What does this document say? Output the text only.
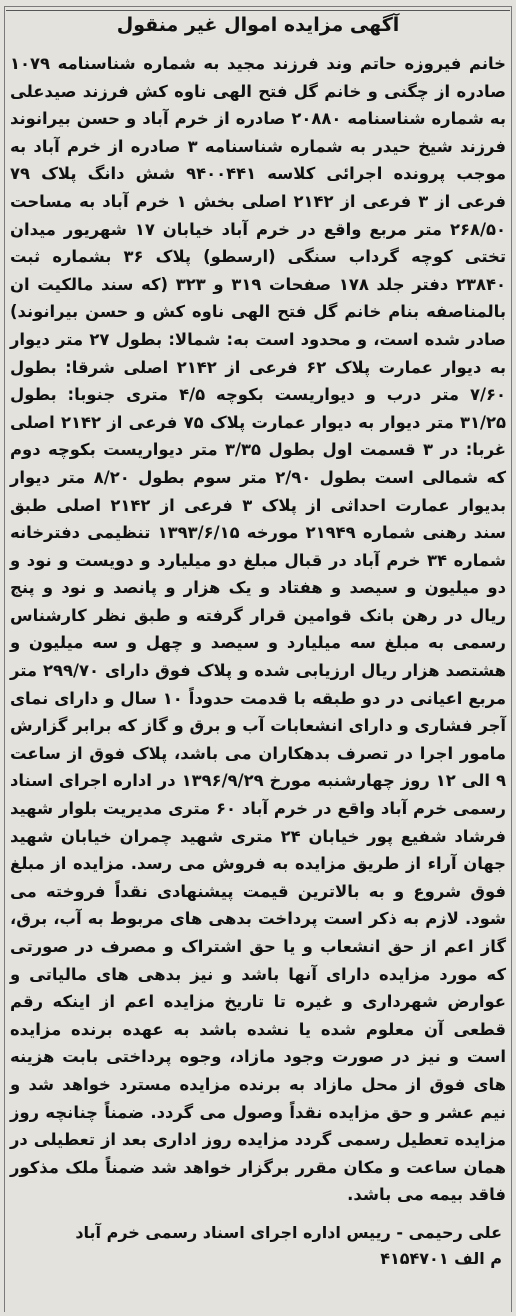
آگهی مزایده اموال غیر منقول
خانم فیروزه حاتم وند فرزند مجید به شماره شناسنامه ۱۰۷۹ صادره از چگنی و خانم گل فتح الهی ناوه کش فرزند صیدعلی به شماره شناسنامه ۲۰۸۸۰ صادره از خرم آباد و حسن بیرانوند فرزند شیخ حیدر به شماره شناسنامه ۳ صادره از خرم آباد به موجب پرونده اجرائی کلاسه ۹۴۰۰۴۴۱ شش دانگ پلاک ۷۹ فرعی از ۳ فرعی از ۲۱۴۲ اصلی بخش ۱ خرم آباد به مساحت ۲۶۸/۵۰ متر مربع واقع در خرم آباد خیابان ۱۷ شهریور میدان تختی کوچه گرداب سنگی (ارسطو) پلاک ۳۶ بشماره ثبت ۲۳۸۴۰ دفتر جلد ۱۷۸ صفحات ۳۱۹ و ۳۲۳ (که سند مالکیت ان بالمناصفه بنام خانم گل فتح الهی ناوه کش و حسن بیرانوند) صادر شده است، و محدود است به: شمالا: بطول ۲۷ متر دیوار به دیوار عمارت پلاک ۶۲ فرعی از ۲۱۴۲ اصلی شرقا: بطول ۷/۶۰ متر درب و دیواریست بکوچه ۴/۵ متری جنوبا: بطول ۳۱/۲۵ متر دیوار به دیوار عمارت پلاک ۷۵ فرعی از ۲۱۴۲ اصلی غربا: در ۳ قسمت اول بطول ۳/۳۵ متر دیواریست بکوچه دوم که شمالی است بطول ۲/۹۰ متر سوم بطول ۸/۲۰ متر دیوار بدیوار عمارت احداثی از پلاک ۳ فرعی از ۲۱۴۲ اصلی طبق سند رهنی شماره ۲۱۹۴۹ مورخه ۱۳۹۳/۶/۱۵ تنظیمی دفترخانه شماره ۳۴ خرم آباد در قبال مبلغ دو میلیارد و دویست و نود و دو میلیون و سیصد و هفتاد و یک هزار و پانصد و نود و پنج ریال در رهن بانک قوامین قرار گرفته و طبق نظر کارشناس رسمی به مبلغ سه میلیارد و سیصد و چهل و سه میلیون و هشتصد هزار ریال ارزیابی شده و پلاک فوق دارای ۲۹۹/۷۰ متر مربع اعیانی در دو طبقه با قدمت حدوداً ۱۰ سال و دارای نمای آجر فشاری و دارای انشعابات آب و برق و گاز که برابر گزارش مامور اجرا در تصرف بدهکاران می باشد، پلاک فوق از ساعت ۹ الی ۱۲ روز چهارشنبه مورخ ۱۳۹۶/۹/۲۹ در اداره اجرای اسناد رسمی خرم آباد واقع در خرم آباد ۶۰ متری مدیریت بلوار شهید فرشاد شفیع پور خیابان ۲۴ متری شهید چمران خیابان شهید جهان آراء از طریق مزایده به فروش می رسد. مزایده از مبلغ فوق شروع و به بالاترین قیمت پیشنهادی نقداً فروخته می شود. لازم به ذکر است پرداخت بدهی های مربوط به آب، برق، گاز اعم از حق انشعاب و یا حق اشتراک و مصرف در صورتی که مورد مزایده دارای آنها باشد و نیز بدهی های مالیاتی و عوارض شهرداری و غیره تا تاریخ مزایده اعم از اینکه رقم قطعی آن معلوم شده یا نشده باشد به عهده برنده مزایده است و نیز در صورت وجود مازاد، وجوه پرداختی بابت هزینه های فوق از محل مازاد به برنده مزایده مسترد خواهد شد و نیم عشر و حق مزایده نقداً وصول می گردد. ضمناً چنانچه روز مزایده تعطیل رسمی گردد مزایده روز اداری بعد از تعطیلی در همان ساعت و مکان مقرر برگزار خواهد شد ضمناً ملک مذکور فاقد بیمه می باشد.
علی رحیمی - رییس اداره اجرای اسناد رسمی خرم آباد
م الف ۴۱۵۴۷۰۱
